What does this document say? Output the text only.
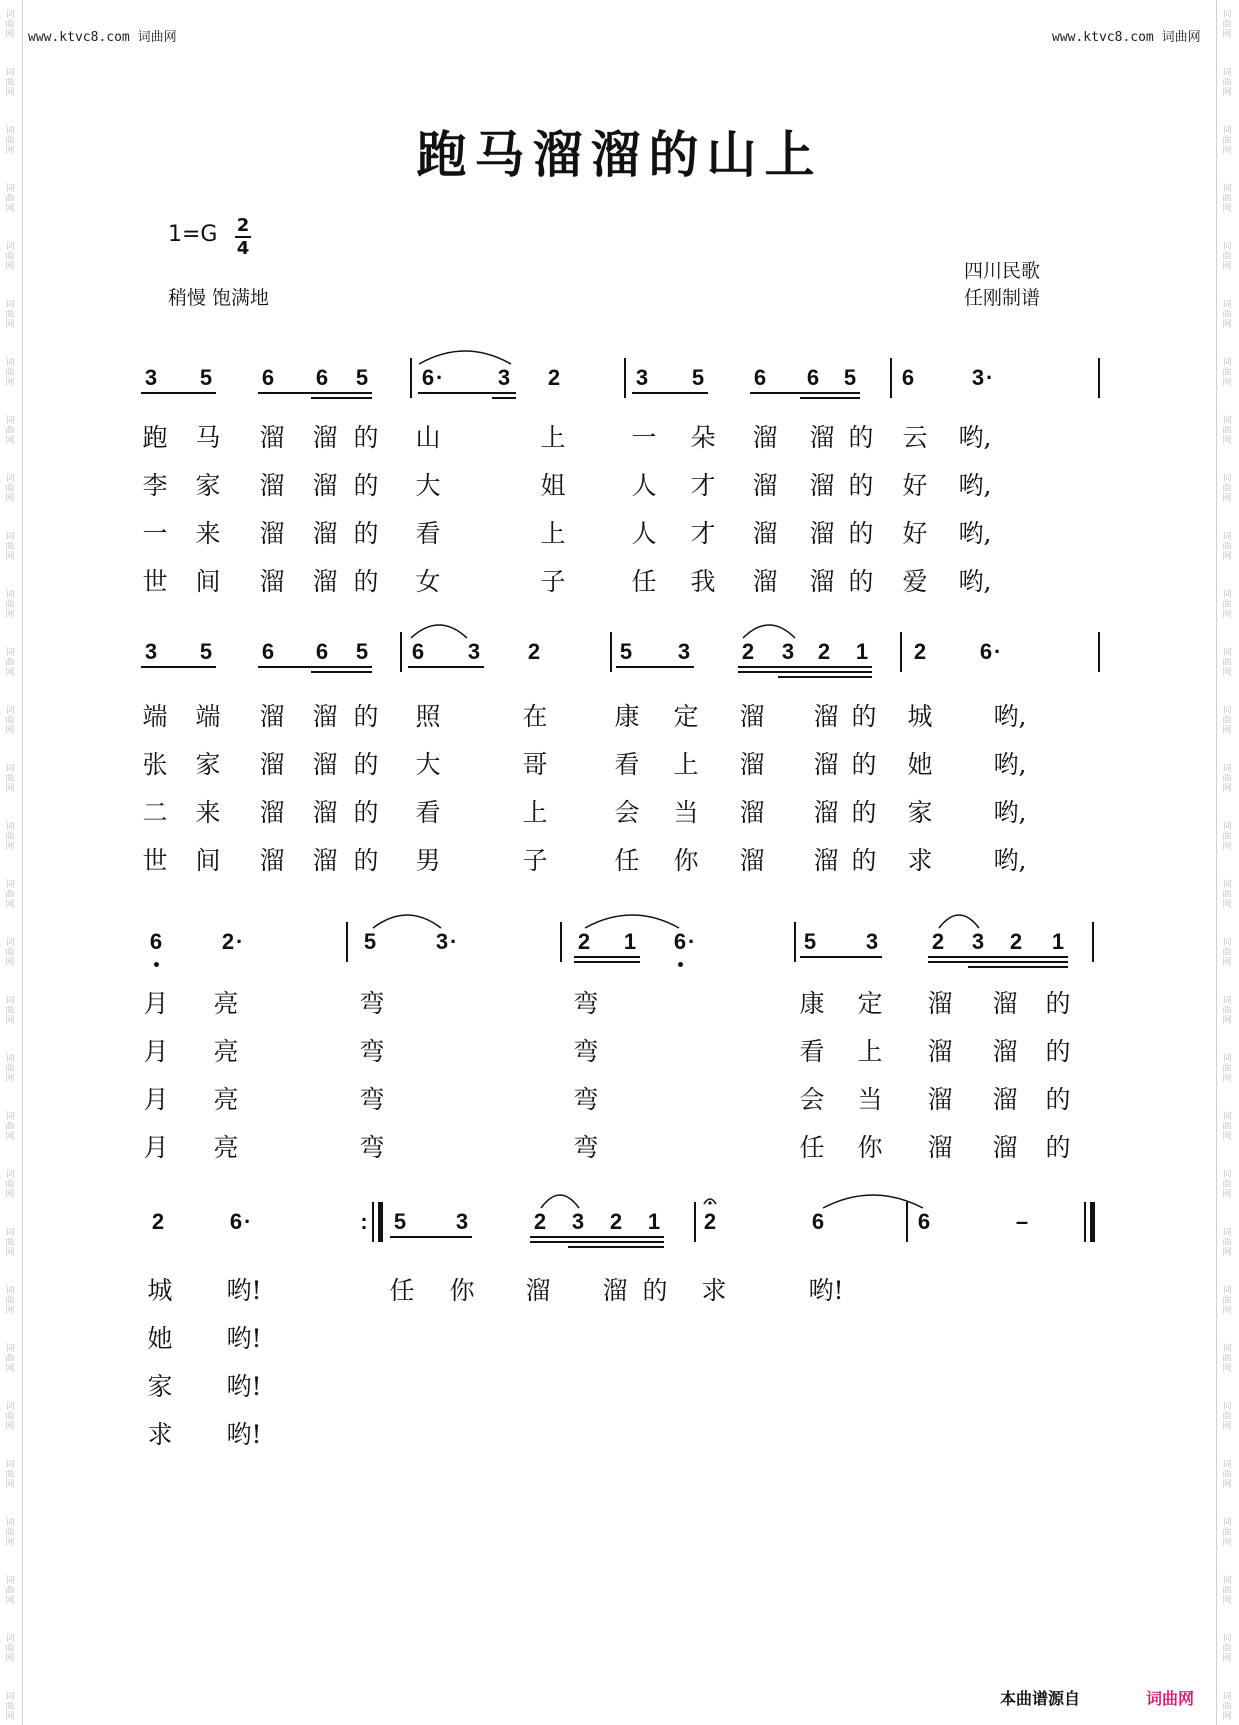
词
曲
网
词
曲
网
词
曲
网
词
曲
网
词
曲
网
词
曲
网
词
曲
网
词
曲
网
词
曲
网
词
曲
网
词
曲
网
词
曲
网
词
曲
网
词
曲
网
词
曲
网
词
曲
网
词
曲
网
词
曲
网
词
曲
网
词
曲
网
词
曲
网
词
曲
网
词
曲
网
词
曲
网
词
曲
网
词
曲
网
词
曲
网
词
曲
网
词
曲
网
词
曲
网
词
曲
网
词
曲
网
词
曲
网
词
曲
网
词
曲
网
词
曲
网
词
曲
网
词
曲
网
词
曲
网
词
曲
网
词
曲
网
词
曲
网
词
曲
网
词
曲
网
词
曲
网
词
曲
网
词
曲
网
词
曲
网
词
曲
网
词
曲
网
词
曲
网
词
曲
网
词
曲
网
词
曲
网
词
曲
网
词
曲
网
词
曲
网
词
曲
网
词
曲
网
词
曲
网
www.ktvc8.com 词曲网	www.ktvc8.com 词曲网
跑马溜溜的山上
1=G 2
4
稍慢 饱满地
四川民歌
任刚制谱
3 5 6 6 5 6 · 3 2	3 5 6 6 5 6	3 ·
跑	马	溜	溜 的	山	上	一	朵	溜	溜 的	云	哟,
李	家	溜	溜 的	大	姐	人	才	溜	溜 的	好	哟,
一	来	溜	溜 的	看	上	人	才	溜	溜 的	好	哟,
世	间	溜	溜 的	女	子	任	我	溜	溜 的	爱	哟,
3 5 6 6 5 6 3 2	5 3 2 3 2 1 2 6 ·
端	端	溜	溜 的	照	在	康	定	溜	溜 的	城	哟,
张	家	溜	溜 的	大	哥	看	上	溜	溜 的	她	哟,
二	来	溜	溜 的	看	上	会	当	溜	溜 的	家	哟,
世	间	溜	溜 的	男	子	任	你	溜	溜 的	求	哟,
6	2 ·	5	3 ·	2 1 6 ·	5 3 2 3 2 1
月	亮	弯	弯	康	定	溜	溜	的
月	亮	弯	弯	看	上	溜	溜	的
月	亮	弯	弯	会	当	溜	溜	的
月	亮	弯	弯	任	你	溜	溜	的
2	6 ·	: 5 3	2 3 2 1 2	6	6	–
城	哟!	任	你	溜	溜 的	求	哟!
她	哟!
家	哟!
求	哟!
本曲谱源自	词曲网
